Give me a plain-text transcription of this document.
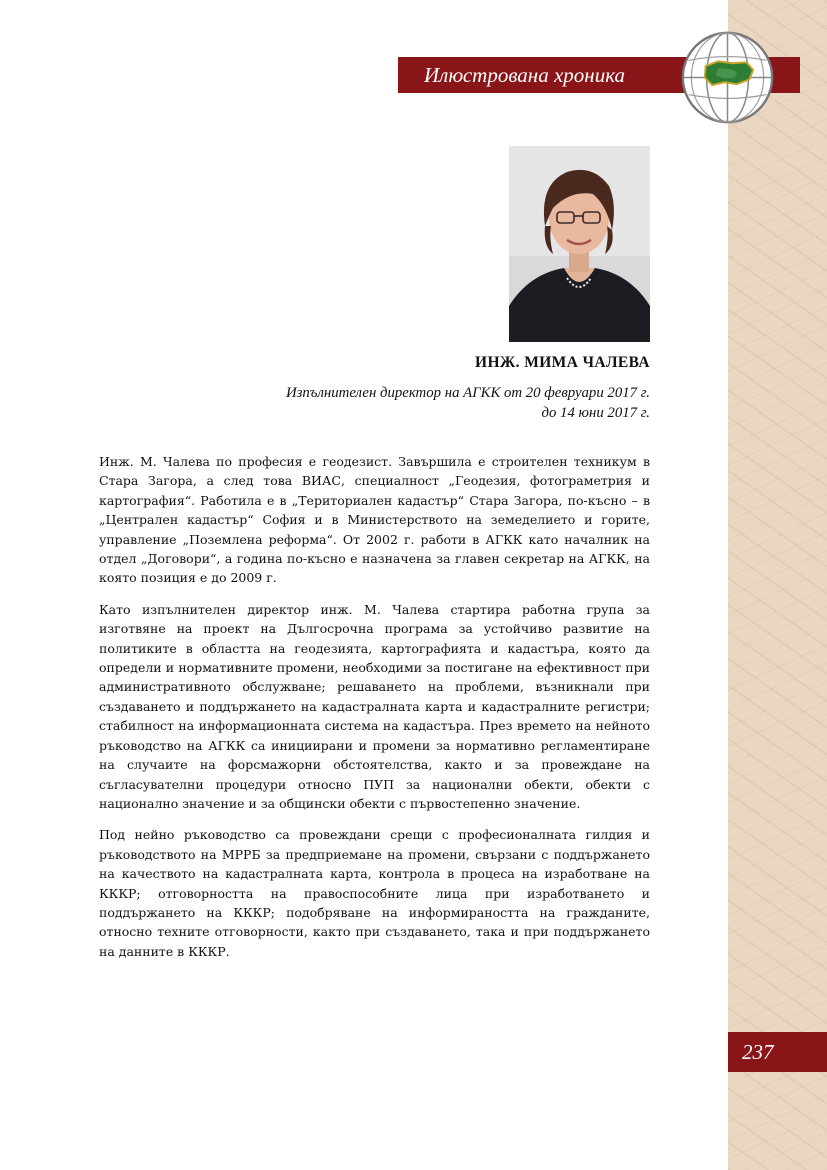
Илюстрована хроника
ИНЖ. МИМА ЧАЛЕВА
Изпълнителен директор на АГКК от 20 февруари 2017 г.
до 14 юни 2017 г.

Инж. М. Чалева по професия е геодезист. Завършила е строителен техникум в Стара Загора, а след това ВИАС, специалност „Геодезия, фотограметрия и картография“. Работила е в „Териториален кадастър“ Стара Загора, по-късно – в „Централен кадастър“ София и в Министерството на земеделието и горите, управление „Поземлена реформа“. От 2002 г. работи в АГКК като началник на отдел „Договори“, а година по-късно е назначена за главен секретар на АГКК, на която позиция е до 2009 г.

Като изпълнителен директор инж. М. Чалева стартира работна група за изготвяне на проект на Дългосрочна програма за устойчиво развитие на политиките в областта на геодезията, картографията и кадастъра, която да определи и нормативните промени, необходими за постигане на ефективност при административното обслужване; решаването на проблеми, възникнали при създаването и поддържането на кадастралната карта и кадастралните регистри; стабилност на информационната система на кадастъра. През времето на нейното ръководство на АГКК са инициирани и промени за нормативно регламентиране на случаите на форсмажорни обстоятелства, както и за провеждане на съгласувателни процедури относно ПУП за национални обекти, обекти с национално значение и за общински обекти с първостепенно значение.

Под нейно ръководство са провеждани срещи с професионалната гилдия и ръководството на МРРБ за предприемане на промени, свързани с поддържането на качеството на кадастралната карта, контрола в процеса на изработване на КККР; отговорността на правоспособните лица при изработването и поддържането на КККР; подобряване на информираността на гражданите, относно техните отговорности, както при създаването, така и при поддържането на данните в КККР.

237
